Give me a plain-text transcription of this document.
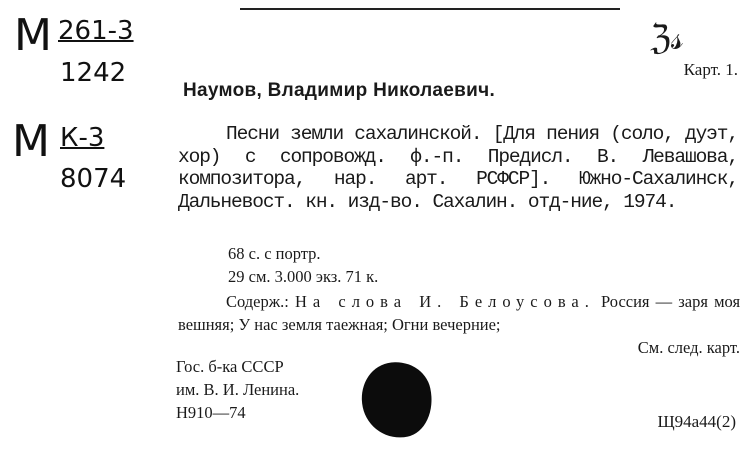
ℨ𝓈
М 261-3
1242
М К-3
8074
Карт. 1.
Наумов, Владимир Николаевич.
Песни земли сахалинской. [Для пения (соло, дуэт, хор) с сопровожд. ф.-п. Предисл. В. Левашова, композитора, нар. арт. РСФСР]. Южно-Сахалинск, Дальневост. кн. изд-во. Сахалин. отд-ние, 1974.
68 с. с портр.
29 см. 3.000 экз. 71 к.
Содерж.: На слова И. Белоусова. Россия — заря моя вешняя; У нас земля таежная; Огни вечерние;
См. след. карт.
Гос. б-ка СССР
им. В. И. Ленина.
Н910—74	Щ94а44(2)
